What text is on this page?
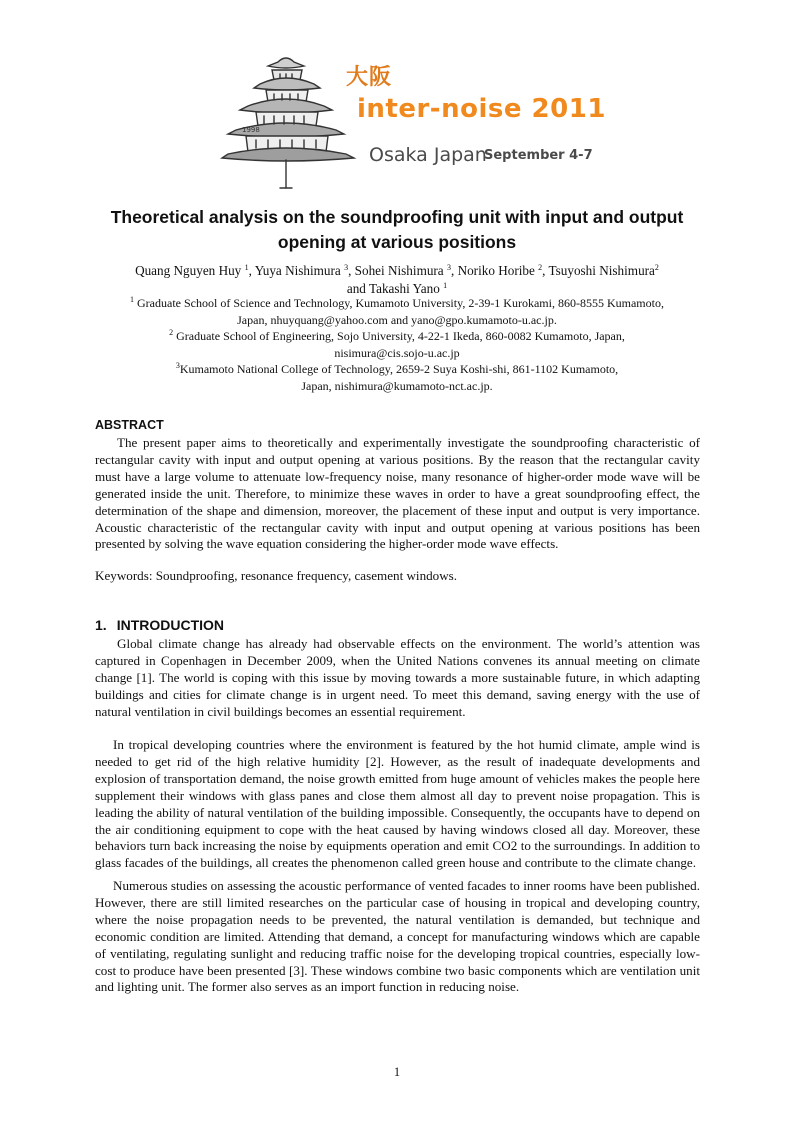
1998
大阪
inter-noise 2011
Osaka Japan
September 4-7
Theoretical analysis on the soundproofing unit with input and output
opening at various positions
Quang Nguyen Huy $^1$, Yuya Nishimura $^3$, Sohei Nishimura $^3$, Noriko Horibe $^2$, Tsuyoshi Nishimura$^2$
and Takashi Yano $^1$
$^1$ Graduate School of Science and Technology, Kumamoto University, 2-39-1 Kurokami, 860-8555 Kumamoto,
Japan, nhuyquang@yahoo.com and yano@gpo.kumamoto-u.ac.jp.
$^2$ Graduate School of Engineering, Sojo University, 4-22-1 Ikeda, 860-0082 Kumamoto, Japan,
nisimura@cis.sojo-u.ac.jp
$^3$Kumamoto National College of Technology, 2659-2 Suya Koshi-shi, 861-1102 Kumamoto,
Japan, nishimura@kumamoto-nct.ac.jp.
ABSTRACT

The present paper aims to theoretically and experimentally investigate the soundproofing characteristic of rectangular cavity with input and output opening at various positions. By the reason that the rectangular cavity must have a large volume to attenuate low-frequency noise, many resonance of higher-order mode wave will be generated inside the unit. Therefore, to minimize these waves in order to have a great soundproofing effect, the determination of the shape and dimension, moreover, the placement of these input and output is very importance. Acoustic characteristic of the rectangular cavity with input and output opening at various positions has been presented by solving the wave equation considering the higher-order mode wave effects.

Keywords: Soundproofing, resonance frequency, casement windows.

1. INTRODUCTION

Global climate change has already had observable effects on the environment. The world’s attention was captured in Copenhagen in December 2009, when the United Nations convenes its annual meeting on climate change [1]. The world is coping with this issue by moving towards a more sustainable future, in which adapting buildings and cities for climate change is in urgent need. To meet this demand, saving energy with the use of natural ventilation in civil buildings becomes an essential requirement.

In tropical developing countries where the environment is featured by the hot humid climate, ample wind is needed to get rid of the high relative humidity [2]. However, as the result of inadequate developments and explosion of transportation demand, the noise growth emitted from huge amount of vehicles makes the people here supplement their windows with glass panes and close them almost all day to prevent noise propagation. This is leading the ability of natural ventilation of the building impossible. Consequently, the occupants have to depend on the air conditioning equipment to cope with the heat caused by having windows closed all day. Moreover, these behaviors turn back increasing the noise by equipments operation and emit CO2 to the surroundings. In addition to glass facades of the buildings, all creates the phenomenon called green house and contribute to the climate change.

Numerous studies on assessing the acoustic performance of vented facades to inner rooms have been published. However, there are still limited researches on the particular case of housing in tropical and developing country, where the noise propagation needs to be prevented, the natural ventilation is demanded, but technique and economic condition are limited. Attending that demand, a concept for manufacturing windows which are capable of ventilating, regulating sunlight and reducing traffic noise for the developing tropical countries, especially low-cost to produce have been presented [3]. These windows combine two basic components which are ventilation unit and lighting unit. The former also serves as an import function in reducing noise.

1
